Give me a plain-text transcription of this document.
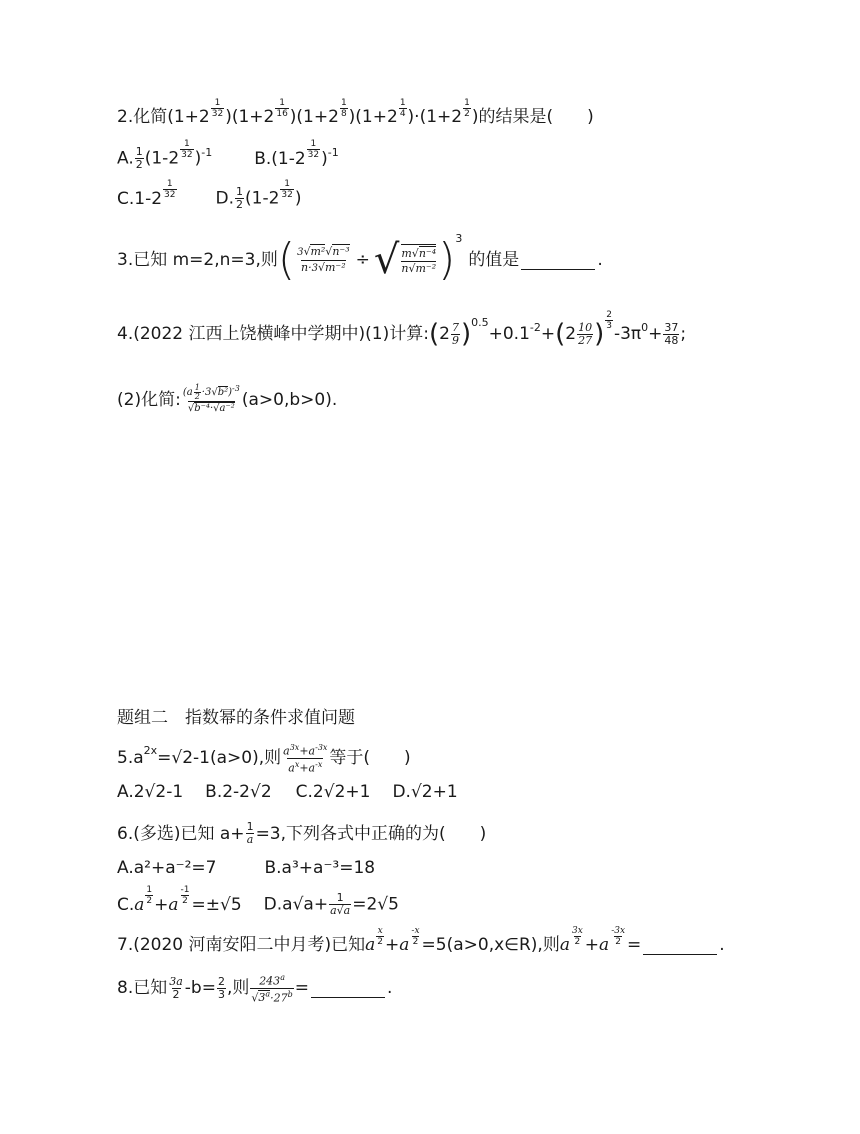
2.化简 $(1+2 \frac{1}{32} )(1+2 \frac{1}{16} )(1+2 \frac{1}{8} )(1+2 \frac{1}{4} )\cdot(1+2 \frac{1}{2}$ ) 的结果是(　　)
A. $\frac{1}{2} (1-2 \frac{1}{32} )^{-1}$ $B.(1-2 \frac{1}{32} )^{-1}$
$C.1-2 \frac{1}{32} D$. $\frac{1}{2} (1-2 \frac{1}{32}$ )
3.已知 m=2,n=3,则 ( $\frac{\text{3√m²√n⁻³}}{\text{n·3√m⁻²}}$ ÷ √ $\frac{\text{m√n⁻⁴}}{\text{n√m⁻²}}$ ) 3
的值是	.
4.(2022 江西上饶横峰中学期中)(1)计算: ( $2 \frac{7}{9}$ ) 0.5
$+0.1^{-2}+$ ( $2 \frac{10}{27}$ ) $\frac{2}{3}$
$-3\pi^0+ \frac{37}{48}$ ;
(2)化简: $\frac{(a \frac{1}{2} \cdot 3√b^2)^{-3}}{\text{√b⁻⁴·√a⁻²}} (a>0,b>0)$.
题组二　指数幂的条件求值问题
5.a 2x =√2-1(a>0),则 $\frac{a^{3x}+a^{-3x}}{a^x+a^{-x}}$ 等于(　　)
A.2√2-1 B.2-2√2 C.2√2+1 D.√2+1
6.(多选)已知 $a+ \frac{1}{a} =3$,下列各式中正确的为(　　)
A.a²+a⁻²=7	B.a³+a⁻³=18
$C.a \frac{1}{2} +a \frac{-1}{2} =\pm√5$ $D.a√a+ \frac{1}{a√a} =2√5$
7.(2020 河南安阳二中月考)已知 a $\frac{x}{2} + a \frac{-x}{2}$ =5(a>0,x∈R),则 a $\frac{3x}{2} + a \frac{-3x}{2}$ =	.
8.已知 $\frac{3a}{2} -b= \frac{2}{3}$ ,则 $\frac{243^a}{√3^a\cdot 27^b}$ =	.
